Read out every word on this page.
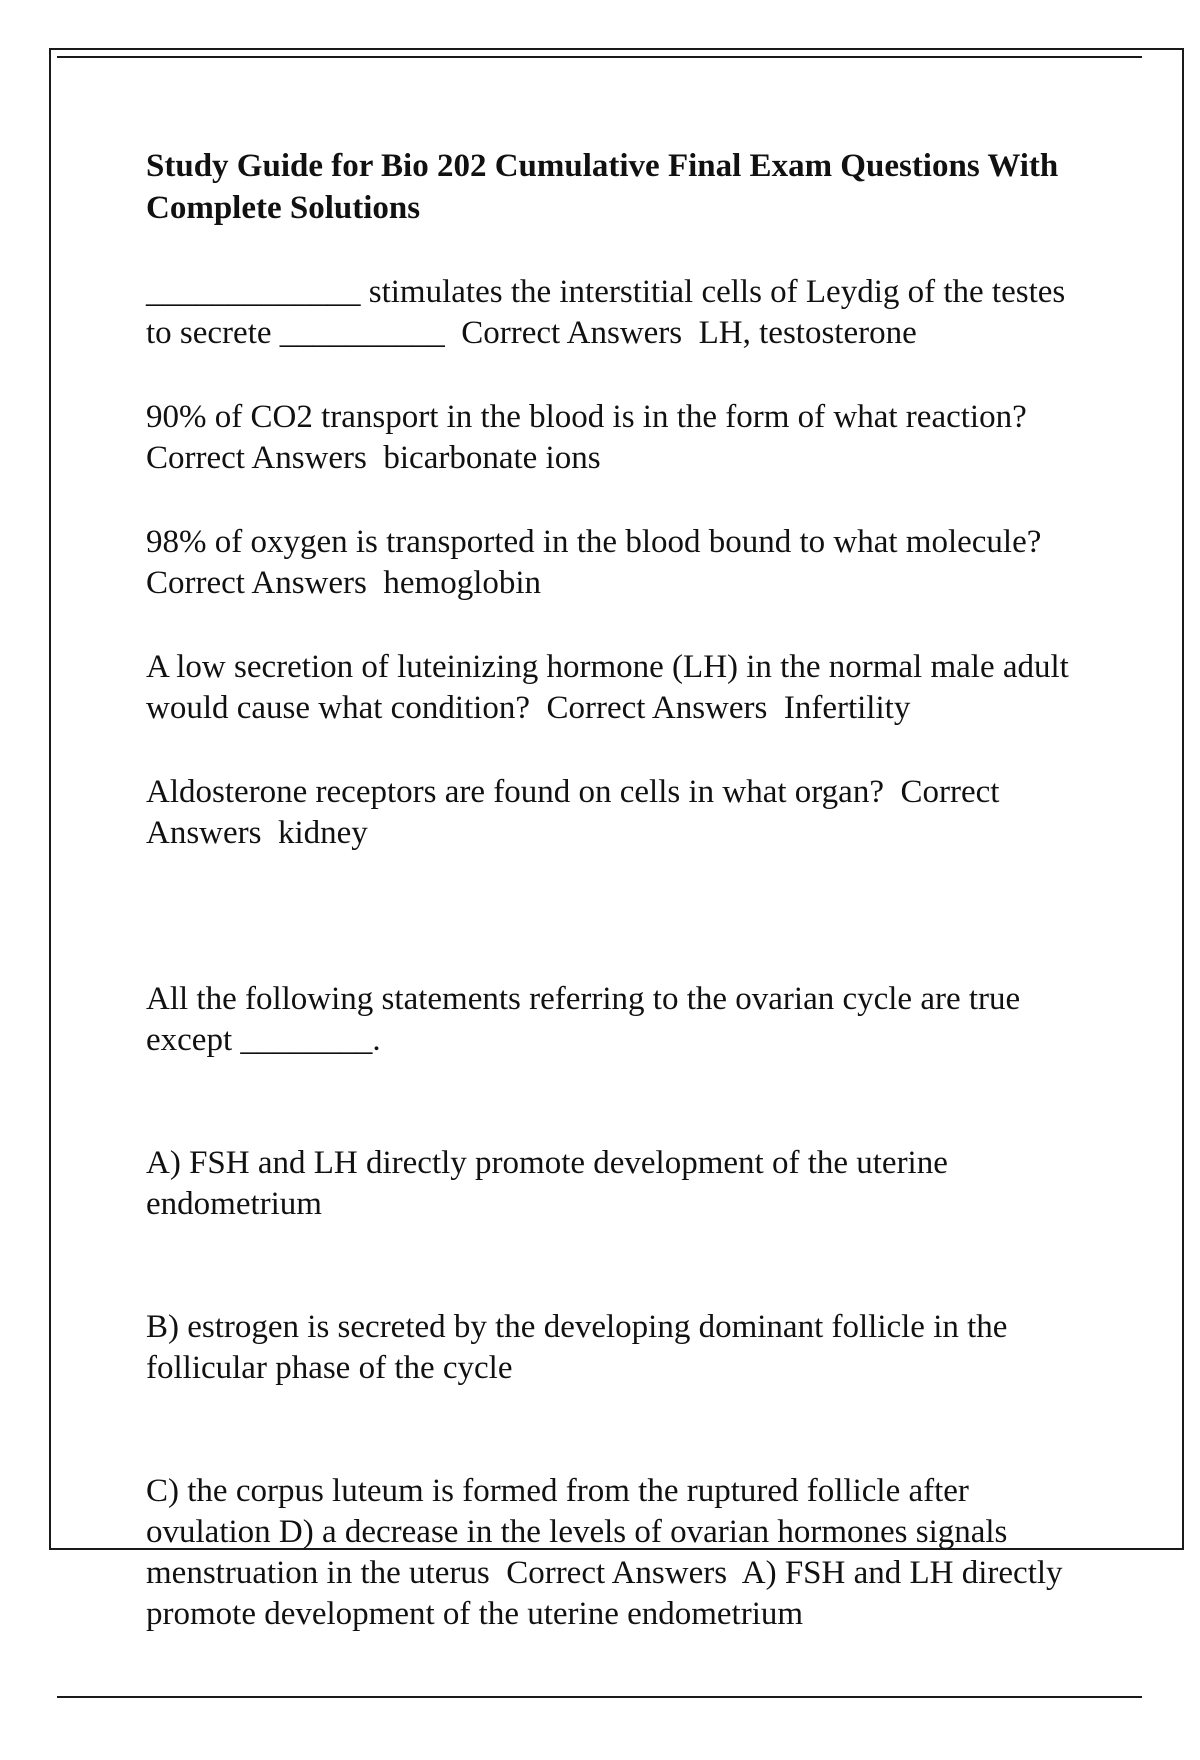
Study Guide for Bio 202 Cumulative Final Exam Questions With Complete Solutions
_____________ stimulates the interstitial cells of Leydig of the testes to secrete __________ Correct Answers LH, testosterone
90% of CO2 transport in the blood is in the form of what reaction?  Correct Answers bicarbonate ions
98% of oxygen is transported in the blood bound to what molecule?  Correct Answers hemoglobin
A low secretion of luteinizing hormone (LH) in the normal male adult would cause what condition? Correct Answers Infertility
Aldosterone receptors are found on cells in what organ? Correct Answers kidney

All the following statements referring to the ovarian cycle are true except ________.

A) FSH and LH directly promote development of the uterine endometrium

B) estrogen is secreted by the developing dominant follicle in the follicular phase of the cycle

C) the corpus luteum is formed from the ruptured follicle after ovulation D) a decrease in the levels of ovarian hormones signals menstruation in the uterus Correct Answers A) FSH and LH directly promote development of the uterine endometrium
